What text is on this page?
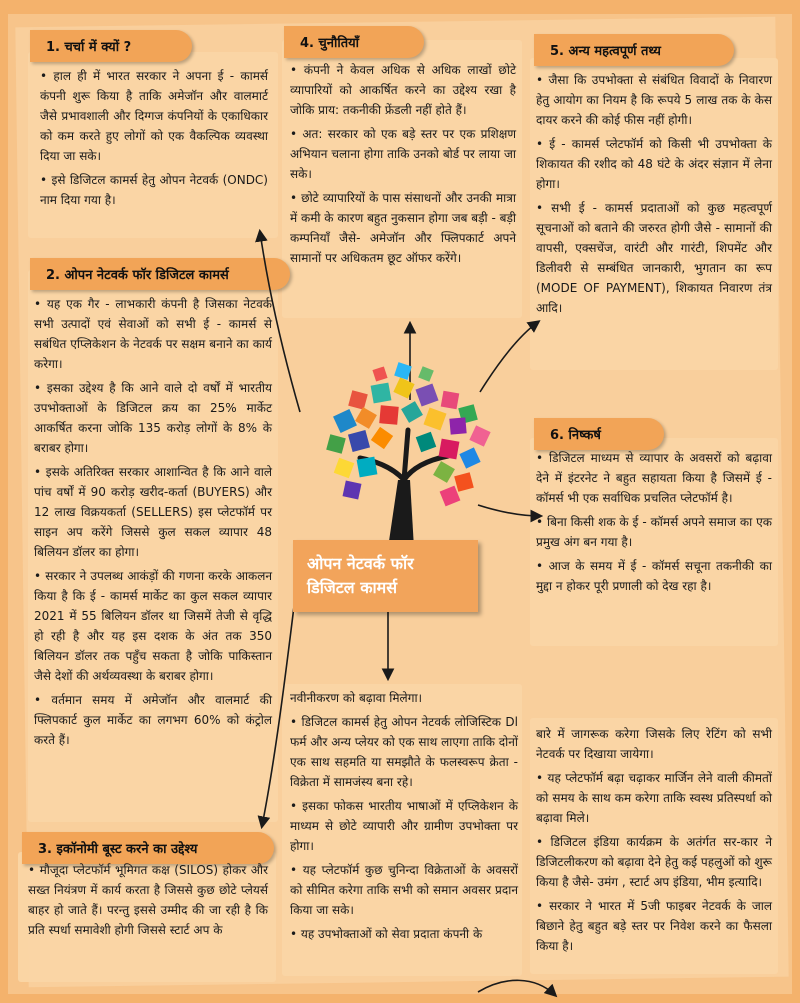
1. चर्चा में क्यों ?
2. ओपन नेटवर्क फॉर डिजिटल कामर्स
3. इकॉनोमी बूस्ट करने का उद्देश्य
4. चुनौतियाँ
5. अन्य महत्वपूर्ण तथ्य
6. निष्कर्ष

• हाल ही में भारत सरकार ने अपना ई - कामर्स कंपनी शुरू किया है ताकि अमेजॉन और वालमार्ट जैसे प्रभावशाली और दिग्गज कंपनियों के एकाधिकार को कम करते हुए लोगों को एक वैकल्पिक व्यवस्था दिया जा सके।

• इसे डिजिटल कामर्स हेतु ओपन नेटवर्क (ONDC) नाम दिया गया है।

• यह एक गैर - लाभकारी कंपनी है जिसका नेटवर्क सभी उत्पादों एवं सेवाओं को सभी ई - कामर्स से सबंधित एप्लिकेशन के नेटवर्क पर सक्षम बनाने का कार्य करेगा।

• इसका उद्देश्य है कि आने वाले दो वर्षों में भारतीय उपभोक्ताओं के डिजिटल क्रय का 25% मार्केट आकर्षित करना जोकि 135 करोड़ लोगों के 8% के बराबर होगा।

• इसके अतिरिक्त सरकार आशान्वित है कि आने वाले पांच वर्षों में 90 करोड़ खरीद-कर्ता (BUYERS) और 12 लाख विक्रयकर्ता (SELLERS) इस प्लेटफॉर्म पर साइन अप करेंगे जिससे कुल सकल व्यापार 48 बिलियन डॉलर का होगा।

• सरकार ने उपलब्ध आकंड़ों की गणना करके आकलन किया है कि ई - कामर्स मार्केट का कुल सकल व्यापार 2021 में 55 बिलियन डॉलर था जिसमें तेजी से वृद्धि हो रही है और यह इस दशक के अंत तक 350 बिलियन डॉलर तक पहुँच सकता है जोकि पाकिस्तान जैसे देशों की अर्थव्यवस्था के बराबर होगा।

• वर्तमान समय में अमेजॉन और वालमार्ट की फ्लिपकार्ट कुल मार्केट का लगभग 60% को कंट्रोल करते हैं।

• मौजूदा प्लेटफॉर्म भूमिगत कक्ष (SILOS) होकर और सख्त नियंत्रण में कार्य करता है जिससे कुछ छोटे प्लेयर्स बाहर हो जाते हैं। परन्तु इससे उम्मीद की जा रही है कि प्रति स्पर्धा समावेशी होगी जिससे स्टार्ट अप के

• कंपनी ने केवल अधिक से अधिक लाखों छोटे व्यापारियों को आकर्षित करने का उद्देश्य रखा है जोकि प्राय: तकनीकी फ्रेंडली नहीं होते हैं।

• अत: सरकार को एक बड़े स्तर पर एक प्रशिक्षण अभियान चलाना होगा ताकि उनको बोर्ड पर लाया जा सके।

• छोटे व्यापारियों के पास संसाधनों और उनकी मात्रा में कमी के कारण बहुत नुकसान होगा जब बड़ी - बड़ी कम्पनियाँ जैसे- अमेजॉन और फ्लिपकार्ट अपने सामानों पर अधिकतम छूट ऑफर करेंगे।

• जैसा कि उपभोक्ता से संबंधित विवादों के निवारण हेतु आयोग का नियम है कि रूपये 5 लाख तक के केस दायर करने की कोई फीस नहीं होगी।

• ई - कामर्स प्लेटफॉर्म को किसी भी उपभोक्ता के शिकायत की रशीद को 48 घंटे के अंदर संज्ञान में लेना होगा।

• सभी ई - कामर्स प्रदाताओं को कुछ महत्वपूर्ण सूचनाओं को बताने की जरुरत होगी जैसे - सामानों की वापसी, एक्सचेंज, वारंटी और गारंटी, शिपमेंट और डिलीवरी से सम्बंधित जानकारी, भुगतान का रूप (MODE OF PAYMENT), शिकायत निवारण तंत्र आदि।

• डिजिटल माध्यम से व्यापार के अवसरों को बढ़ावा देने में इंटरनेट ने बहुत सहायता किया है जिसमें ई - कॉमर्स भी एक सर्वाधिक प्रचलित प्लेटफॉर्म है।

• बिना किसी शक के ई - कॉमर्स अपने समाज का एक प्रमुख अंग बन गया है।

• आज के समय में ई - कॉमर्स सचूना तकनीकी का मुद्दा न होकर पूरी प्रणाली को देख रहा है।

नवीनीकरण को बढ़ावा मिलेगा।

• डिजिटल कामर्स हेतु ओपन नेटवर्क लोजिस्टिक Dl फर्म और अन्य प्लेयर को एक साथ लाएगा ताकि दोनों एक साथ सहमति या समझौते के फलस्वरूप क्रेता - विक्रेता में सामजंस्य बना रहे।

• इसका फोकस भारतीय भाषाओं में एप्लिकेशन के माध्यम से छोटे व्यापारी और ग्रामीण उपभोक्ता पर होगा।

• यह प्लेटफॉर्म कुछ चुनिन्दा विक्रेताओं के अवसरों को सीमित करेगा ताकि सभी को समान अवसर प्रदान किया जा सके।

• यह उपभोक्ताओं को सेवा प्रदाता कंपनी के

बारे में जागरूक करेगा जिसके लिए रेटिंग को सभी नेटवर्क पर दिखाया जायेगा।

• यह प्लेटफॉर्म बढ़ा चढ़ाकर मार्जिन लेने वाली कीमतों को समय के साथ कम करेगा ताकि स्वस्थ प्रतिस्पर्धा को बढ़ावा मिले।

• डिजिटल इंडिया कार्यक्रम के अतंर्गत सर-कार ने डिजिटलीकरण को बढ़ावा देने हेतु कई पहलुओं को शुरू किया है जैसे- उमंग , स्टार्ट अप इंडिया, भीम इत्यादि।

• सरकार ने भारत में 5जी फाइबर नेटवर्क के जाल बिछाने हेतु बहुत बड़े स्तर पर निवेश करने का फैसला किया है।

ओपन नेटवर्क फॉर
डिजिटल कामर्स
